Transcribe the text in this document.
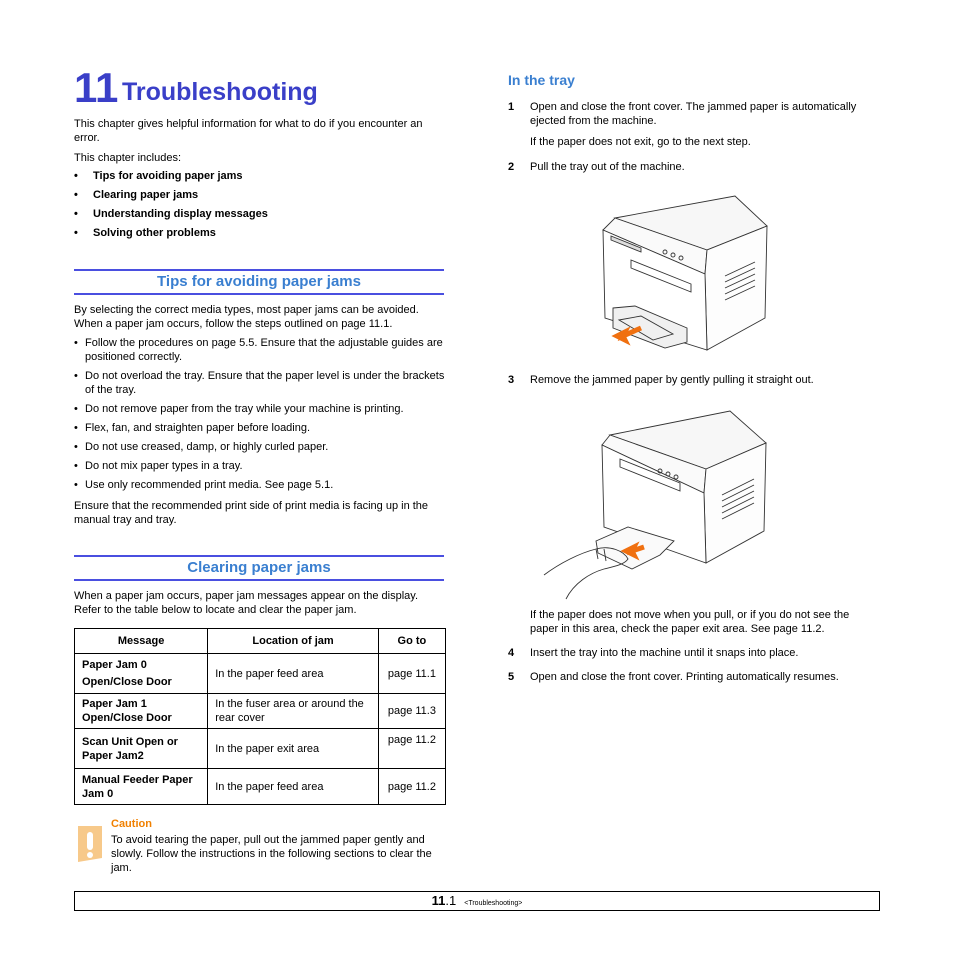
11 Troubleshooting

This chapter gives helpful information for what to do if you encounter an error.

This chapter includes:

• Tips for avoiding paper jams
• Clearing paper jams
• Understanding display messages
• Solving other problems
Tips for avoiding paper jams

By selecting the correct media types, most paper jams can be avoided. When a paper jam occurs, follow the steps outlined on page 11.1.

• Follow the procedures on page 5.5. Ensure that the adjustable guides are positioned correctly.
• Do not overload the tray. Ensure that the paper level is under the brackets of the tray.
• Do not remove paper from the tray while your machine is printing.
• Flex, fan, and straighten paper before loading.
• Do not use creased, damp, or highly curled paper.
• Do not mix paper types in a tray.
• Use only recommended print media. See page 5.1.

Ensure that the recommended print side of print media is facing up in the manual tray and tray.

Clearing paper jams

When a paper jam occurs, paper jam messages appear on the display. Refer to the table below to locate and clear the paper jam.

Message	Location of jam	Go to
Paper Jam 0 Open/Close Door	In the paper feed area	page 11.1
Paper Jam 1 Open/Close Door	In the fuser area or around the rear cover	page 11.3
Scan Unit Open or Paper Jam2	In the paper exit area	page 11.2
Manual Feeder Paper Jam 0	In the paper feed area	page 11.2
Caution

To avoid tearing the paper, pull out the jammed paper gently and slowly. Follow the instructions in the following sections to clear the jam.

In the tray
1 Open and close the front cover. The jammed paper is automatically ejected from the machine.
If the paper does not exit, go to the next step.
2 Pull the tray out of the machine.
3 Remove the jammed paper by gently pulling it straight out.
If the paper does not move when you pull, or if you do not see the paper in this area, check the paper exit area. See page 11.2.
4 Insert the tray into the machine until it snaps into place.
5 Open and close the front cover. Printing automatically resumes.
11.1 <Troubleshooting>
